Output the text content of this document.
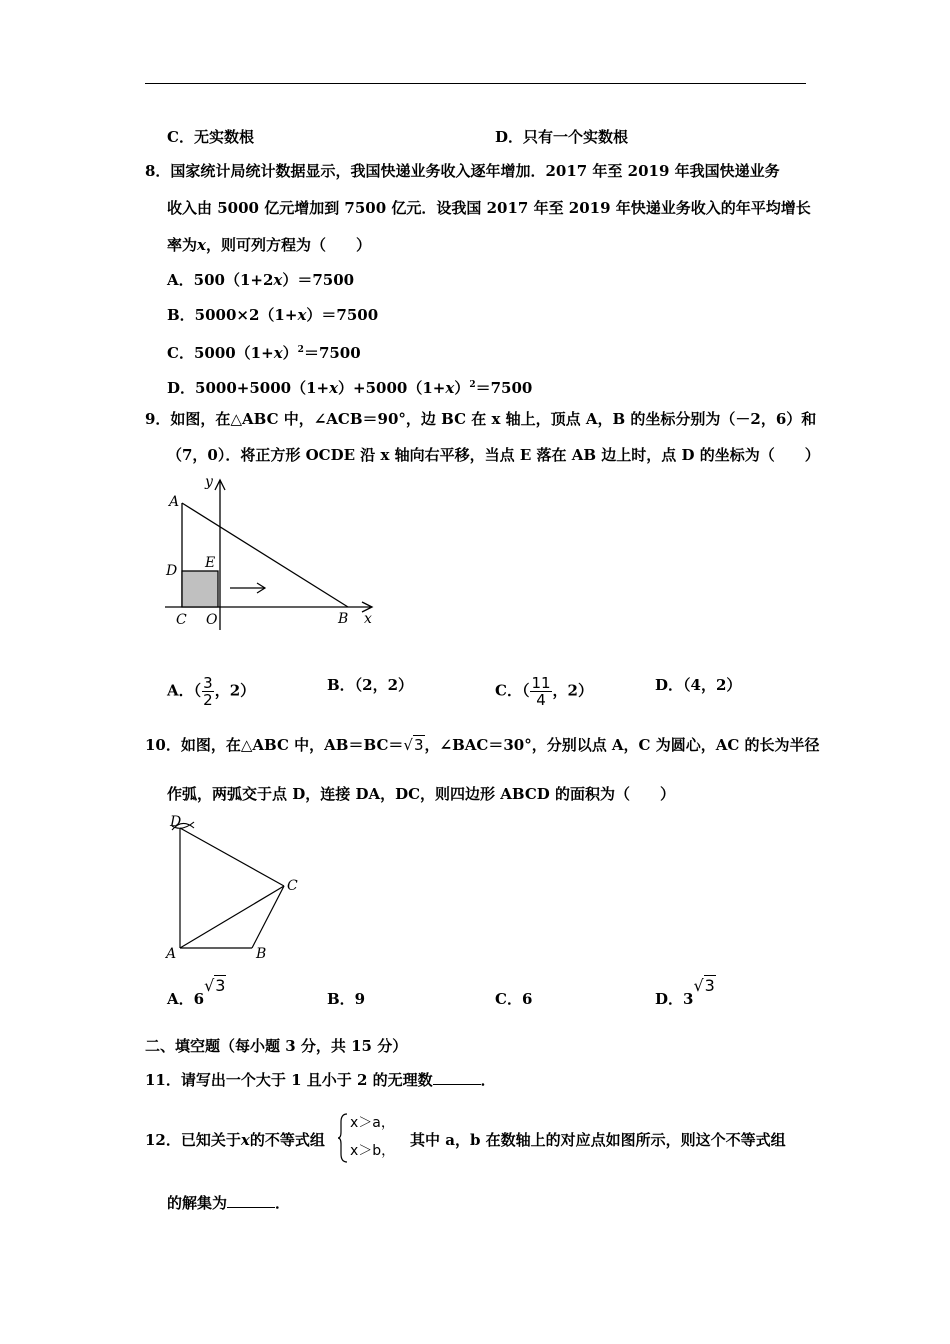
C．无实数根	D．只有一个实数根
8．国家统计局统计数据显示，我国快递业务收入逐年增加．2017 年至 2019 年我国快递业务
收入由 5000 亿元增加到 7500 亿元．设我国 2017 年至 2019 年快递业务收入的年平均增长
率为x，则可列方程为（　　）
A．500（1+2x）＝7500
B．5000×2（1+x）＝7500
C．$5000(1+x)^2=7500$
D．$5000+5000(1+x)+5000(1+x)^2=7500$
9．如图，在△ABC 中，∠ACB＝90°，边 BC 在 x 轴上，顶点 A，B 的坐标分别为（－2，6）和
（7，0）．将正方形 OCDE 沿 x 轴向右平移，当点 E 落在 AB 边上时，点 D 的坐标为（　　）
A
y
E
D
C O	B x
A．（ $\frac{3}{2}$ ，2）	B．（2，2）	C．（ $\frac{11}{4}$ ，2）	D．（4，2）
10．如图，在△ABC 中，AB＝BC＝√3，∠BAC＝30°，分别以点 A，C 为圆心，AC 的长为半径
作弧，两弧交于点 D，连接 DA，DC，则四边形 ABCD 的面积为（　　）
D
C
A	B
A．6√3
B．9	C．6	D．3√3
二、填空题（每小题 3 分，共 15 分）
11．请写出一个大于 1 且小于 2 的无理数	．
12．已知关于x的不等式组
x＞a，
x＞b，
其中 a，b 在数轴上的对应点如图所示，则这个不等式组
的解集为	．
